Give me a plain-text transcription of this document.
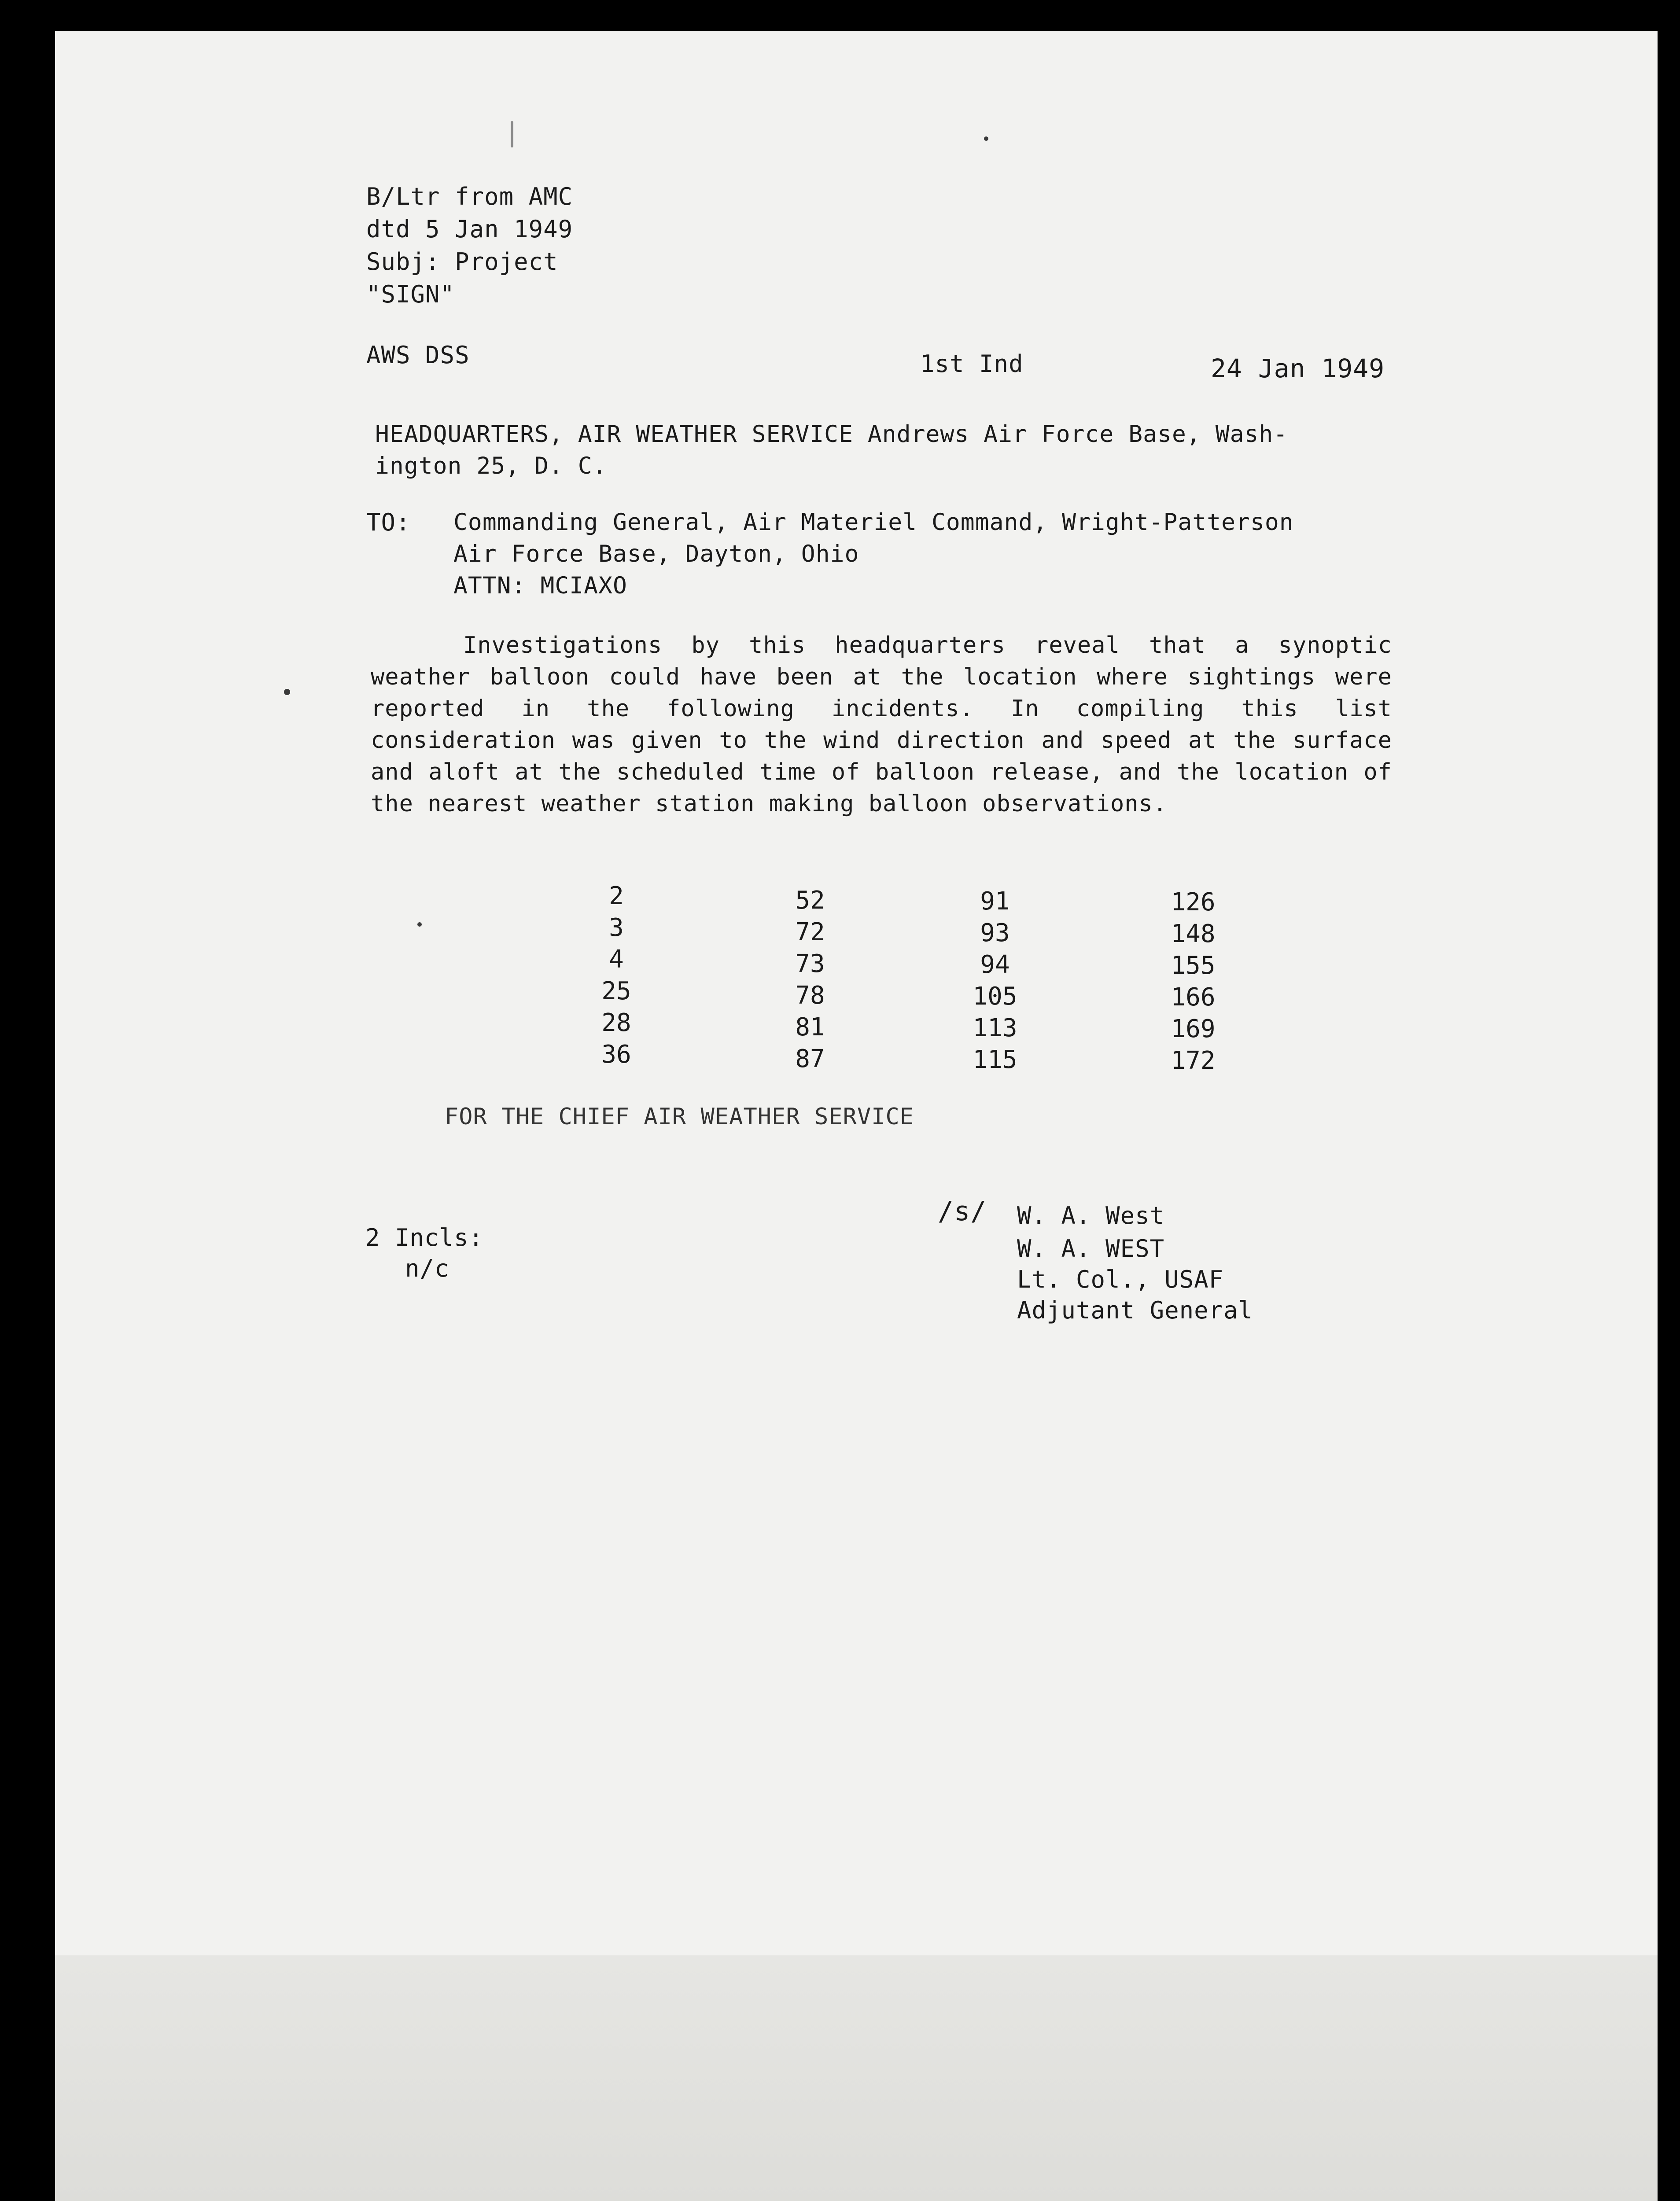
B/Ltr from AMC
dtd 5 Jan 1949
Subj: Project
"SIGN"
AWS DSS	1st Ind	24 Jan 1949
HEADQUARTERS, AIR WEATHER SERVICE Andrews Air Force Base, Wash-
ington 25, D. C.
TO: Commanding General, Air Materiel Command, Wright-Patterson
Air Force Base, Dayton, Ohio
ATTN: MCIAXO
Investigations by this headquarters reveal that a synoptic weather balloon could have been at the location where sightings were reported in the following incidents. In compiling this list consideration was given to the wind direction and speed at the surface and aloft at the scheduled time of balloon release, and the location of the nearest weather station making balloon observations.
2
3
4
25
28
36
52
72
73
78
81
87
91
93
94
105
113
115
126
148
155
166
169
172
FOR THE CHIEF AIR WEATHER SERVICE
2 Incls:
n/c
/s/ W. A. West
W. A. WEST
Lt. Col., USAF
Adjutant General
